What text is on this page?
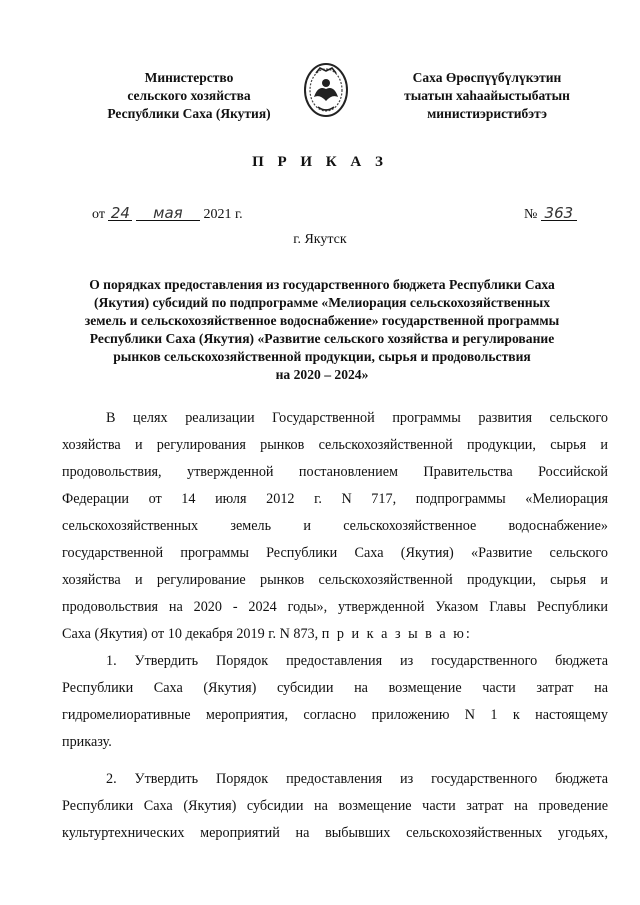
Министерство
сельского хозяйства
Республики Саха (Якутия)
Саха Өрөспүүбүлүкэтин
тыатын хаһаайыстыбатын
министиэристибэтэ
П Р И К А З
от 24 мая 2021 г.	№ 363
г. Якутск
О порядках предоставления из государственного бюджета Республики Саха
(Якутия) субсидий по подпрограмме «Мелиорация сельскохозяйственных
земель и сельскохозяйственное водоснабжение» государственной программы
Республики Саха (Якутия) «Развитие сельского хозяйства и регулирование
рынков сельскохозяйственной продукции, сырья и продовольствия
на 2020 – 2024»

В целях реализации Государственной программы развития сельского
хозяйства и регулирования рынков сельскохозяйственной продукции, сырья и
продовольствия, утвержденной постановлением Правительства Российской
Федерации от 14 июля 2012 г. N 717, подпрограммы «Мелиорация
сельскохозяйственных земель и сельскохозяйственное водоснабжение»
государственной программы Республики Саха (Якутия) «Развитие сельского
хозяйства и регулирование рынков сельскохозяйственной продукции, сырья и
продовольствия на 2020 - 2024 годы», утвержденной Указом Главы Республики
Саха (Якутия) от 10 декабря 2019 г. N 873, п р и к а з ы в а ю:

1. Утвердить Порядок предоставления из государственного бюджета
Республики Саха (Якутия) субсидии на возмещение части затрат на
гидромелиоративные мероприятия, согласно приложению N 1 к настоящему
приказу.

2. Утвердить Порядок предоставления из государственного бюджета
Республики Саха (Якутия) субсидии на возмещение части затрат на проведение
культуртехнических мероприятий на выбывших сельскохозяйственных угодьях,
